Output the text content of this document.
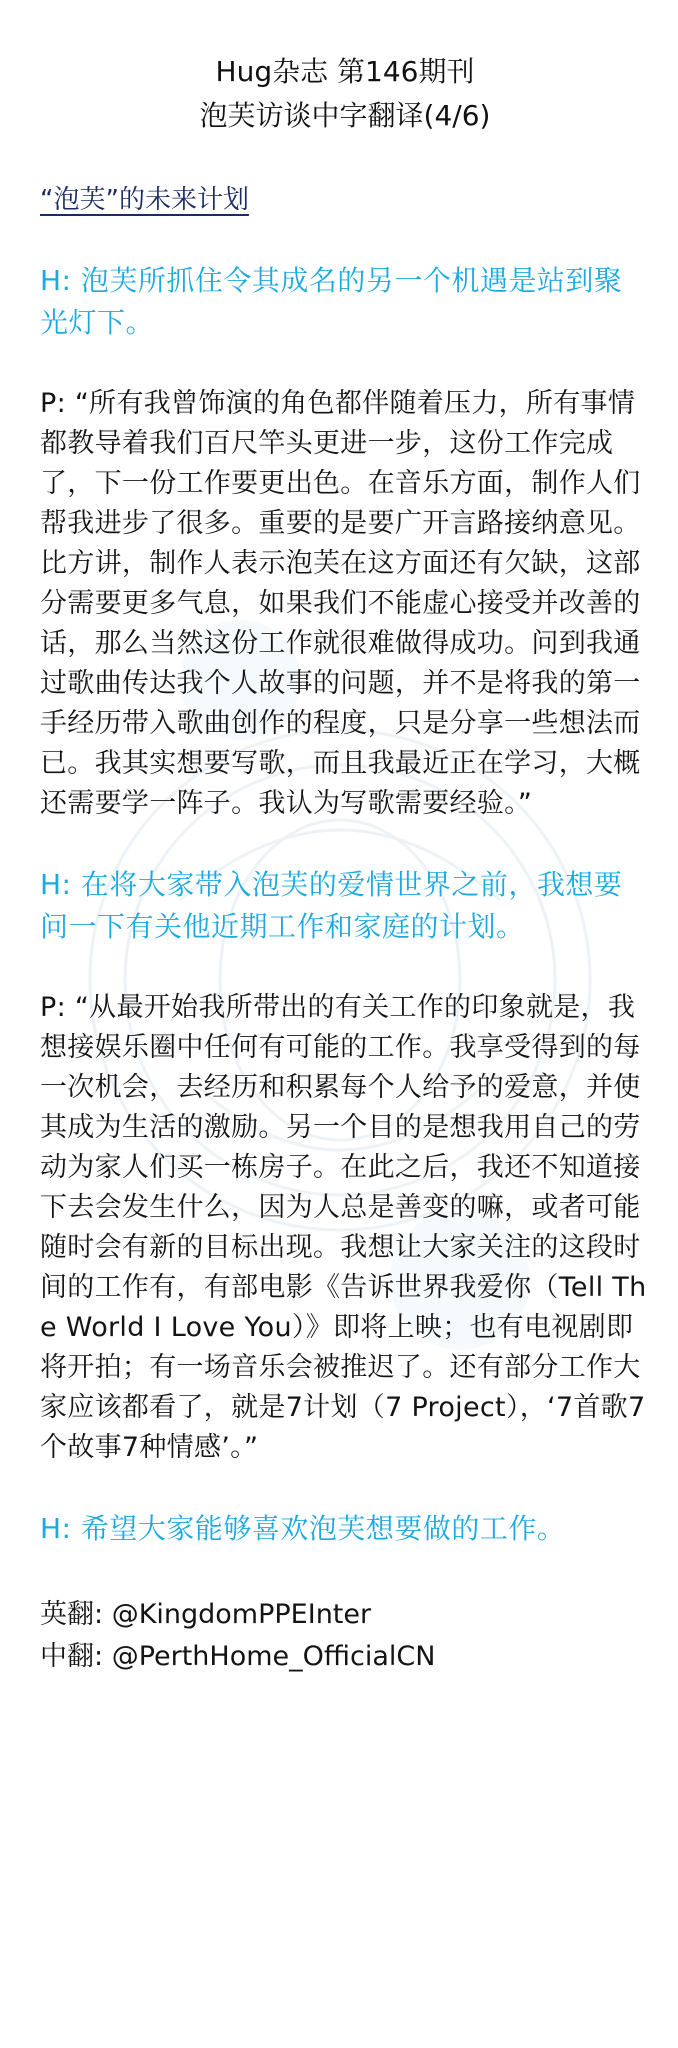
Hug杂志 第146期刊
泡芙访谈中字翻译(4/6)
“泡芙”的未来计划
H: 泡芙所抓住令其成名的另一个机遇是站到聚光灯下。
P: “所有我曾饰演的角色都伴随着压力，所有事情都教导着我们百尺竿头更进一步，这份工作完成了，下一份工作要更出色。在音乐方面，制作人们帮我进步了很多。重要的是要广开言路接纳意见。比方讲，制作人表示泡芙在这方面还有欠缺，这部分需要更多气息，如果我们不能虚心接受并改善的话，那么当然这份工作就很难做得成功。问到我通过歌曲传达我个人故事的问题，并不是将我的第一手经历带入歌曲创作的程度，只是分享一些想法而已。我其实想要写歌，而且我最近正在学习，大概还需要学一阵子。我认为写歌需要经验。”
H: 在将大家带入泡芙的爱情世界之前，我想要问一下有关他近期工作和家庭的计划。
P: “从最开始我所带出的有关工作的印象就是，我想接娱乐圈中任何有可能的工作。我享受得到的每一次机会，去经历和积累每个人给予的爱意，并使其成为生活的激励。另一个目的是想我用自己的劳动为家人们买一栋房子。在此之后，我还不知道接下去会发生什么，因为人总是善变的嘛，或者可能随时会有新的目标出现。我想让大家关注的这段时间的工作有，有部电影《告诉世界我爱你（Tell The World I Love You）》即将上映；也有电视剧即将开拍；有一场音乐会被推迟了。还有部分工作大家应该都看了，就是7计划（7 Project），‘7首歌7个故事7种情感’。”
H: 希望大家能够喜欢泡芙想要做的工作。
英翻: @KingdomPPEInter
中翻: @PerthHome_OfficialCN
